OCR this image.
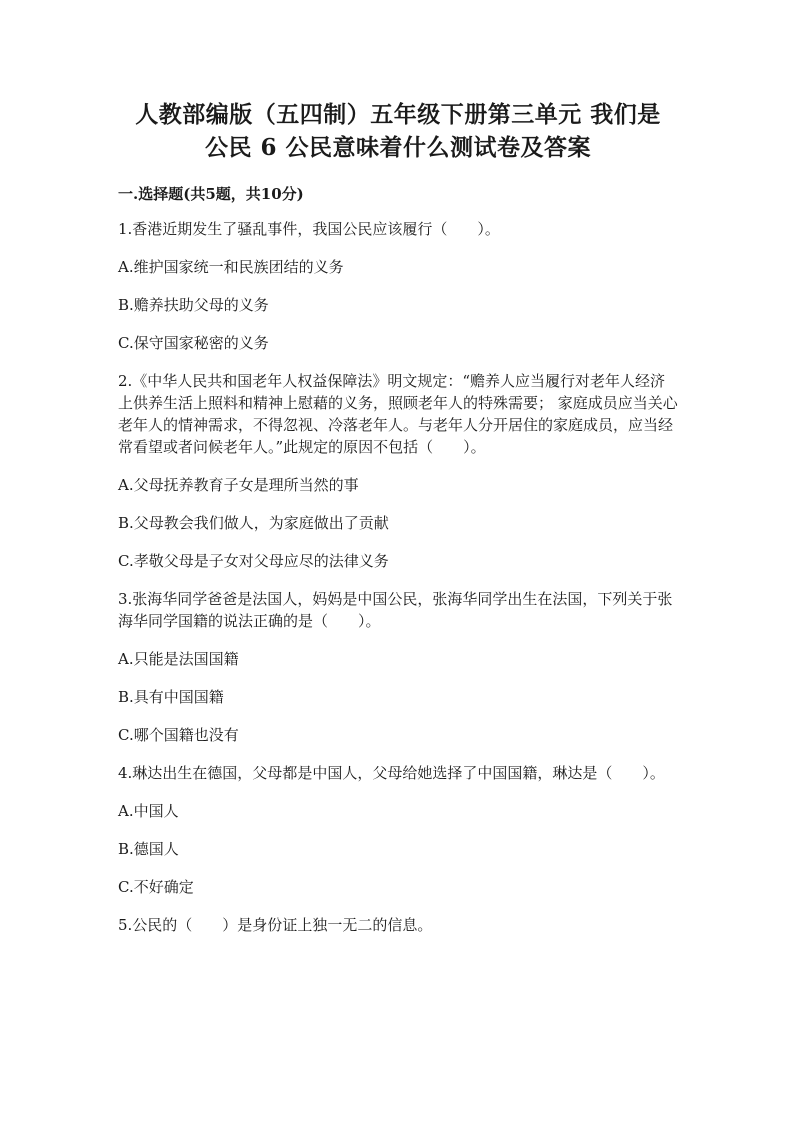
人教部编版（五四制）五年级下册第三单元 我们是
公民 6 公民意味着什么测试卷及答案
一.选择题(共5题，共10分)

1.香港近期发生了骚乱事件，我国公民应该履行（　　）。

A.维护国家统一和民族团结的义务

B.赡养扶助父母的义务

C.保守国家秘密的义务

2.《中华人民共和国老年人权益保障法》明文规定：“赡养人应当履行对老年人经济上供养生活上照料和精神上慰藉的义务，照顾老年人的特殊需要； 家庭成员应当关心老年人的情神需求，不得忽视、冷落老年人。与老年人分开居住的家庭成员，应当经常看望或者问候老年人。”此规定的原因不包括（　　）。

A.父母抚养教育子女是理所当然的事

B.父母教会我们做人，为家庭做出了贡献

C.孝敬父母是子女对父母应尽的法律义务

3.张海华同学爸爸是法国人，妈妈是中国公民，张海华同学出生在法国，下列关于张海华同学国籍的说法正确的是（　　）。

A.只能是法国国籍

B.具有中国国籍

C.哪个国籍也没有

4.琳达出生在德国，父母都是中国人，父母给她选择了中国国籍，琳达是（　　）。

A.中国人

B.德国人

C.不好确定

5.公民的（　　）是身份证上独一无二的信息。
